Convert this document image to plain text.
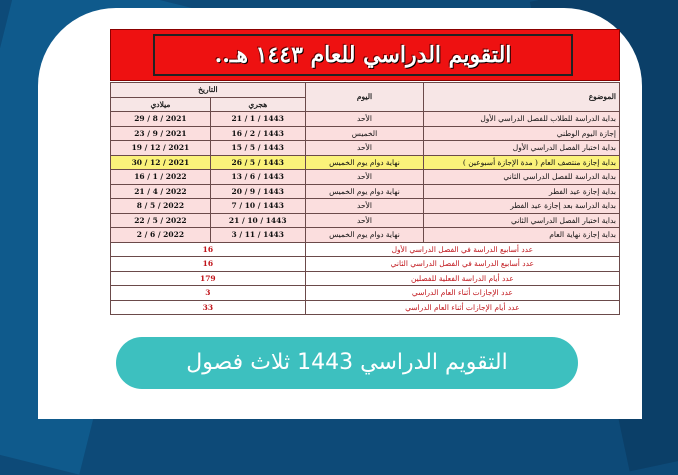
التقويم الدراسي للعام ١٤٤٣ هـ..
الموضوع	اليوم	التاريخ	
		هجري	ميلادي
بداية الدراسة للطلاب للفصل الدراسي الأول	الأحد	1443 / 1 / 21	2021 / 8 / 29
إجازة اليوم الوطني	الخميس	1443 / 2 / 16	2021 / 9 / 23
بداية اختبار الفصل الدراسي الأول	الأحد	1443 / 5 / 15	2021 / 12 / 19
بداية إجازة منتصف العام ( مدة الإجازة أسبوعين )	نهاية دوام يوم الخميس	1443 / 5 / 26	2021 / 12 / 30
بداية الدراسة للفصل الدراسي الثاني	الأحد	1443 / 6 / 13	2022 / 1 / 16
بداية إجازة عيد الفطر	نهاية دوام يوم الخميس	1443 / 9 / 20	2022 / 4 / 21
بداية الدراسة بعد إجازة عيد الفطر	الأحد	1443 / 10 / 7	2022 / 5 / 8
بداية اختبار الفصل الدراسي الثاني	الأحد	1443 / 10 / 21	2022 / 5 / 22
بداية إجازة نهاية العام	نهاية دوام يوم الخميس	1443 / 11 / 3	2022 / 6 / 2
عدد أسابيع الدراسة في الفصل الدراسي الأول		16	
عدد أسابيع الدراسة في الفصل الدراسي الثاني		16	
عدد أيام الدراسة الفعلية للفصلين		179	
عدد الإجازات أثناء العام الدراسي		3	
عدد أيام الإجازات أثناء العام الدراسي		33	
التقويم الدراسي 1443 ثلاث فصول
